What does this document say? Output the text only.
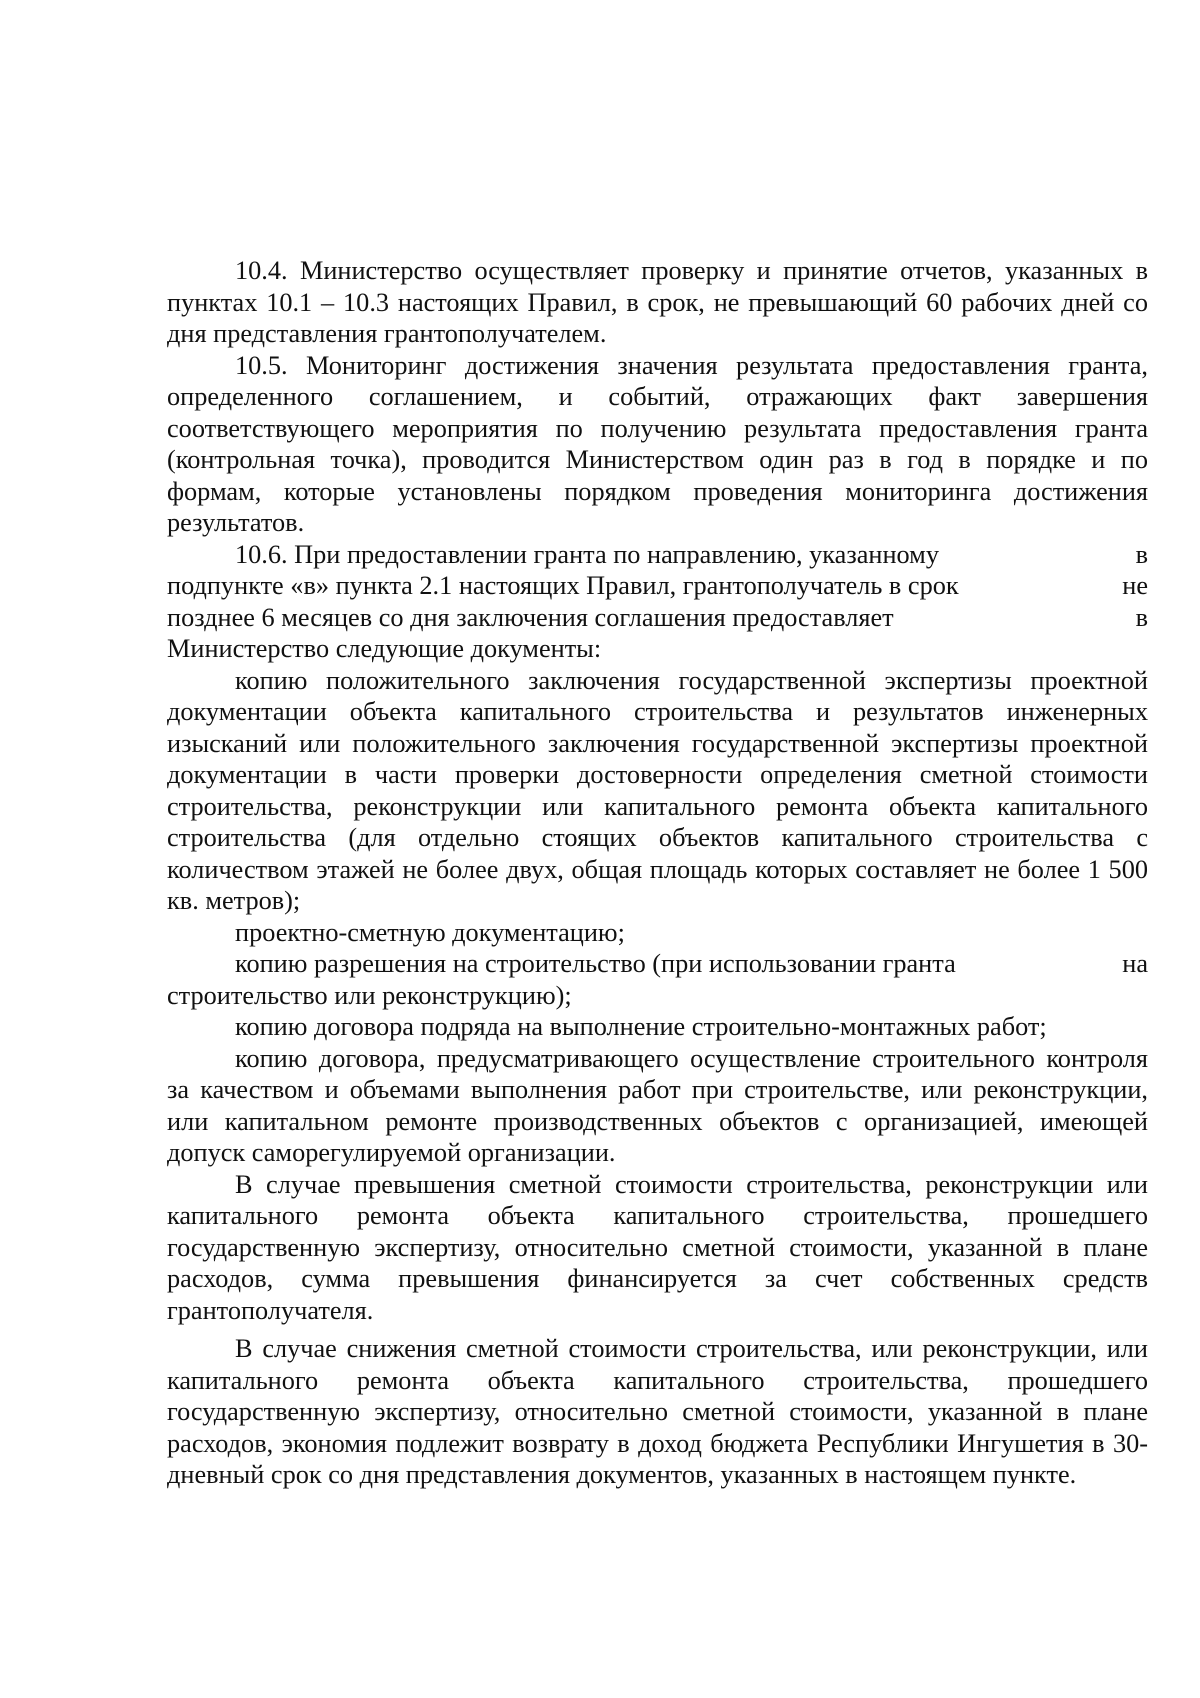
10.4. Министерство осуществляет проверку и принятие отчетов, указанных в пунктах 10.1 – 10.3 настоящих Правил, в срок, не превышающий 60 рабочих дней со дня представления грантополучателем.

10.5. Мониторинг достижения значения результата предоставления гранта, определенного соглашением, и событий, отражающих факт завершения соответствующего мероприятия по получению результата предоставления гранта (контрольная точка), проводится Министерством один раз в год в порядке и по формам, которые установлены порядком проведения мониторинга достижения результатов.

10.6. При предоставлении гранта по направлению, указанному	в
подпункте «в» пункта 2.1 настоящих Правил, грантополучатель в срок	не
позднее 6 месяцев со дня заключения соглашения предоставляет	в
Министерство следующие документы:

копию положительного заключения государственной экспертизы проектной документации объекта капитального строительства и результатов инженерных изысканий или положительного заключения государственной экспертизы проектной документации в части проверки достоверности определения сметной стоимости строительства, реконструкции или капитального ремонта объекта капитального строительства (для отдельно стоящих объектов капитального строительства с количеством этажей не более двух, общая площадь которых составляет не более 1 500 кв. метров);

проектно-сметную документацию;
копию разрешения на строительство (при использовании гранта	на
строительство или реконструкцию);
копию договора подряда на выполнение строительно-монтажных работ;

копию договора, предусматривающего осуществление строительного контроля за качеством и объемами выполнения работ при строительстве, или реконструкции, или капитальном ремонте производственных объектов с организацией, имеющей допуск саморегулируемой организации.

В случае превышения сметной стоимости строительства, реконструкции или капитального ремонта объекта капитального строительства, прошедшего государственную экспертизу, относительно сметной стоимости, указанной в плане расходов, сумма превышения финансируется за счет собственных средств грантополучателя.

В случае снижения сметной стоимости строительства, или реконструкции, или капитального ремонта объекта капитального строительства, прошедшего государственную экспертизу, относительно сметной стоимости, указанной в плане расходов, экономия подлежит возврату в доход бюджета Республики Ингушетия в 30-дневный срок со дня представления документов, указанных в настоящем пункте.
